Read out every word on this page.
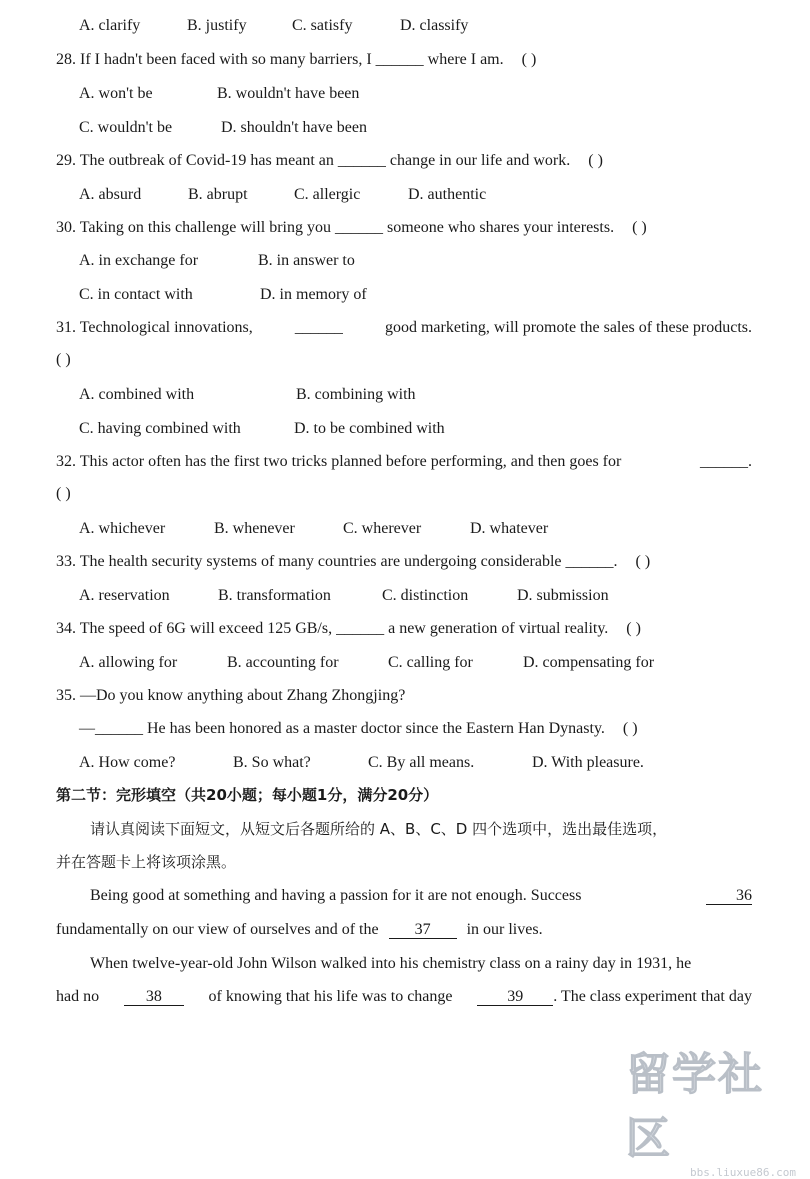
A. clarify	B. justify	C. satisfy	D. classify
28. If I hadn't been faced with so many barriers, I ______ where I am. ( )
A. won't be	B. wouldn't have been
C. wouldn't be	D. shouldn't have been
29. The outbreak of Covid-19 has meant an ______ change in our life and work. ( )
A. absurd	B. abrupt	C. allergic	D. authentic
30. Taking on this challenge will bring you ______ someone who shares your interests. ( )
A. in exchange for	B. in answer to
C. in contact with	D. in memory of
31. Technological innovations,	______	good marketing, will promote the sales of these products.
( )
A. combined with	B. combining with
C. having combined with	D. to be combined with
32. This actor often has the first two tricks planned before performing, and then goes for	______.
( )
A. whichever	B. whenever	C. wherever	D. whatever
33. The health security systems of many countries are undergoing considerable ______. ( )
A. reservation	B. transformation	C. distinction	D. submission
34. The speed of 6G will exceed 125 GB/s, ______ a new generation of virtual reality. ( )
A. allowing for	B. accounting for	C. calling for	D. compensating for
35. —Do you know anything about Zhang Zhongjing?
—______ He has been honored as a master doctor since the Eastern Han Dynasty. ( )
A. How come?	B. So what?	C. By all means.	D. With pleasure.
第二节：完形填空（共20小题；每小题1分，满分20分）
请认真阅读下面短文，从短文后各题所给的 A、B、C、D 四个选项中，选出最佳选项，
并在答题卡上将该项涂黑。
Being good at something and having a passion for it are not enough. Success	36
fundamentally on our view of ourselves and of the 37 in our lives.
When twelve-year-old John Wilson walked into his chemistry class on a rainy day in 1931, he
had no	38	of knowing that his life was to change	39	. The class experiment that day
留学社区
bbs.liuxue86.com
